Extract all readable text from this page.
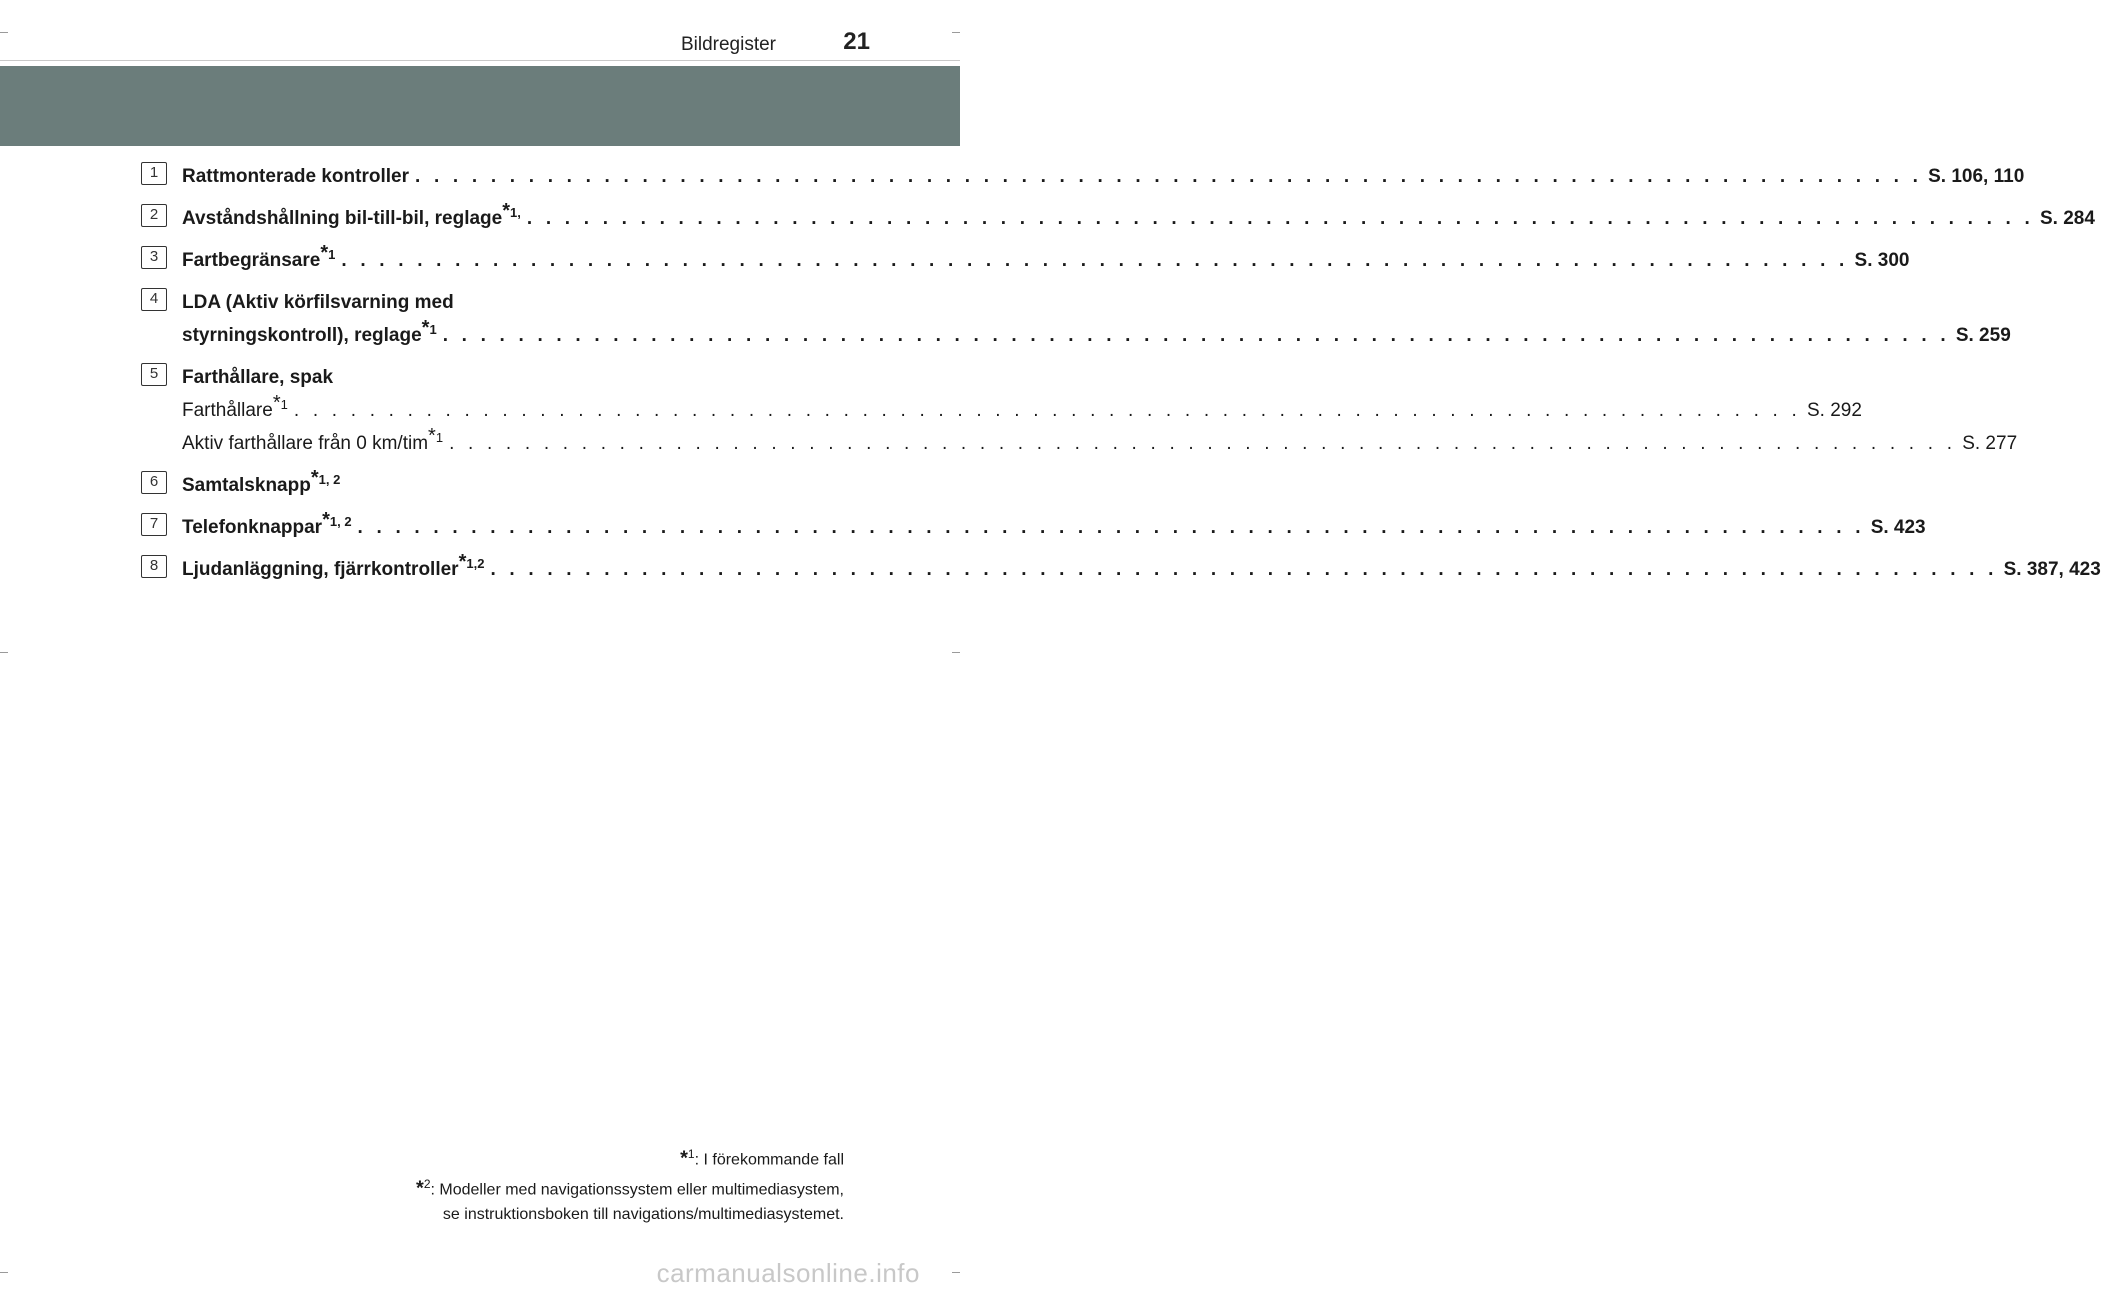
Bildregister	21
1	Rattmonterade kontroller . . . . . . . . . . . . . . . . . . . . . . . . . . . . . . . . . . . . . . . . . . . . . . . . . . . . . . . . . . . . . . . . . . . . . . . . . . . . . . . . S. 106, 110
2	Avståndshållning bil-till-bil, reglage$^{*1,}$ . . . . . . . . . . . . . . . . . . . . . . . . . . . . . . . . . . . . . . . . . . . . . . . . . . . . . . . . . . . . . . . . . . . . . . . . . . . . . . . . S. 284
3	Fartbegränsare$^{*1}$ . . . . . . . . . . . . . . . . . . . . . . . . . . . . . . . . . . . . . . . . . . . . . . . . . . . . . . . . . . . . . . . . . . . . . . . . . . . . . . . . S. 300
4	LDA (Aktiv körfilsvarning med
styrningskontroll), reglage$^{*1}$ . . . . . . . . . . . . . . . . . . . . . . . . . . . . . . . . . . . . . . . . . . . . . . . . . . . . . . . . . . . . . . . . . . . . . . . . . . . . . . . . S. 259
5	Farthållare, spak
Farthållare$^{*1}$ . . . . . . . . . . . . . . . . . . . . . . . . . . . . . . . . . . . . . . . . . . . . . . . . . . . . . . . . . . . . . . . . . . . . . . . . . . . . . . . . S. 292
Aktiv farthållare från 0 km/tim$^{*1}$ . . . . . . . . . . . . . . . . . . . . . . . . . . . . . . . . . . . . . . . . . . . . . . . . . . . . . . . . . . . . . . . . . . . . . . . . . . . . . . . . S. 277
6	Samtalsknapp$^{*1, 2}$
7	Telefonknappar$^{*1, 2}$ . . . . . . . . . . . . . . . . . . . . . . . . . . . . . . . . . . . . . . . . . . . . . . . . . . . . . . . . . . . . . . . . . . . . . . . . . . . . . . . . S. 423
8	Ljudanläggning, fjärrkontroller$^{*1,2}$ . . . . . . . . . . . . . . . . . . . . . . . . . . . . . . . . . . . . . . . . . . . . . . . . . . . . . . . . . . . . . . . . . . . . . . . . . . . . . . . . S. 387, 423
*$^1$: I förekommande fall
*$^2$: Modeller med navigationssystem eller multimediasystem,
se instruktionsboken till navigations/multimediasystemet.
carmanualsonline.info
